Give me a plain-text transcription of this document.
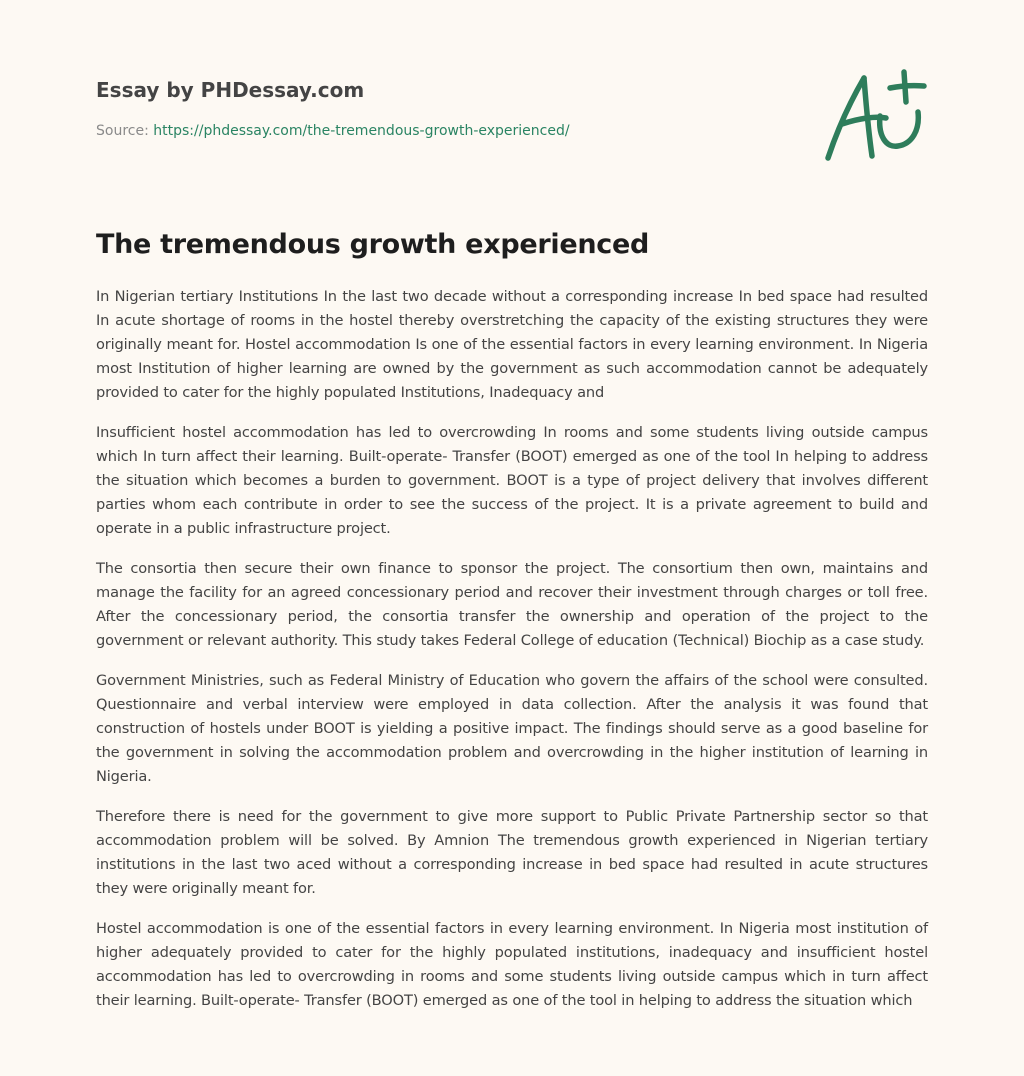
Essay by PHDessay.com
Source: https://phdessay.com/the-tremendous-growth-experienced/
The tremendous growth experienced

In Nigerian tertiary Institutions In the last two decade without a corresponding increase In bed space had resulted In acute shortage of rooms in the hostel thereby overstretching the capacity of the existing structures they were originally meant for. Hostel accommodation Is one of the essential factors in every learning environment. In Nigeria most Institution of higher learning are owned by the government as such accommodation cannot be adequately provided to cater for the highly populated Institutions, Inadequacy and

Insufficient hostel accommodation has led to overcrowding In rooms and some students living outside campus which In turn affect their learning. Built-operate- Transfer (BOOT) emerged as one of the tool In helping to address the situation which becomes a burden to government. BOOT is a type of project delivery that involves different parties whom each contribute in order to see the success of the project. It is a private agreement to build and operate in a public infrastructure project.

The consortia then secure their own finance to sponsor the project. The consortium then own, maintains and manage the facility for an agreed concessionary period and recover their investment through charges or toll free. After the concessionary period, the consortia transfer the ownership and operation of the project to the government or relevant authority. This study takes Federal College of education (Technical) Biochip as a case study.

Government Ministries, such as Federal Ministry of Education who govern the affairs of the school were consulted. Questionnaire and verbal interview were employed in data collection. After the analysis it was found that construction of hostels under BOOT is yielding a positive impact. The findings should serve as a good baseline for the government in solving the accommodation problem and overcrowding in the higher institution of learning in Nigeria.

Therefore there is need for the government to give more support to Public Private Partnership sector so that accommodation problem will be solved. By Amnion The tremendous growth experienced in Nigerian tertiary institutions in the last two aced without a corresponding increase in bed space had resulted in acute structures they were originally meant for.

Hostel accommodation is one of the essential factors in every learning environment. In Nigeria most institution of higher adequately provided to cater for the highly populated institutions, inadequacy and insufficient hostel accommodation has led to overcrowding in rooms and some students living outside campus which in turn affect their learning. Built-operate- Transfer (BOOT) emerged as one of the tool in helping to address the situation which
